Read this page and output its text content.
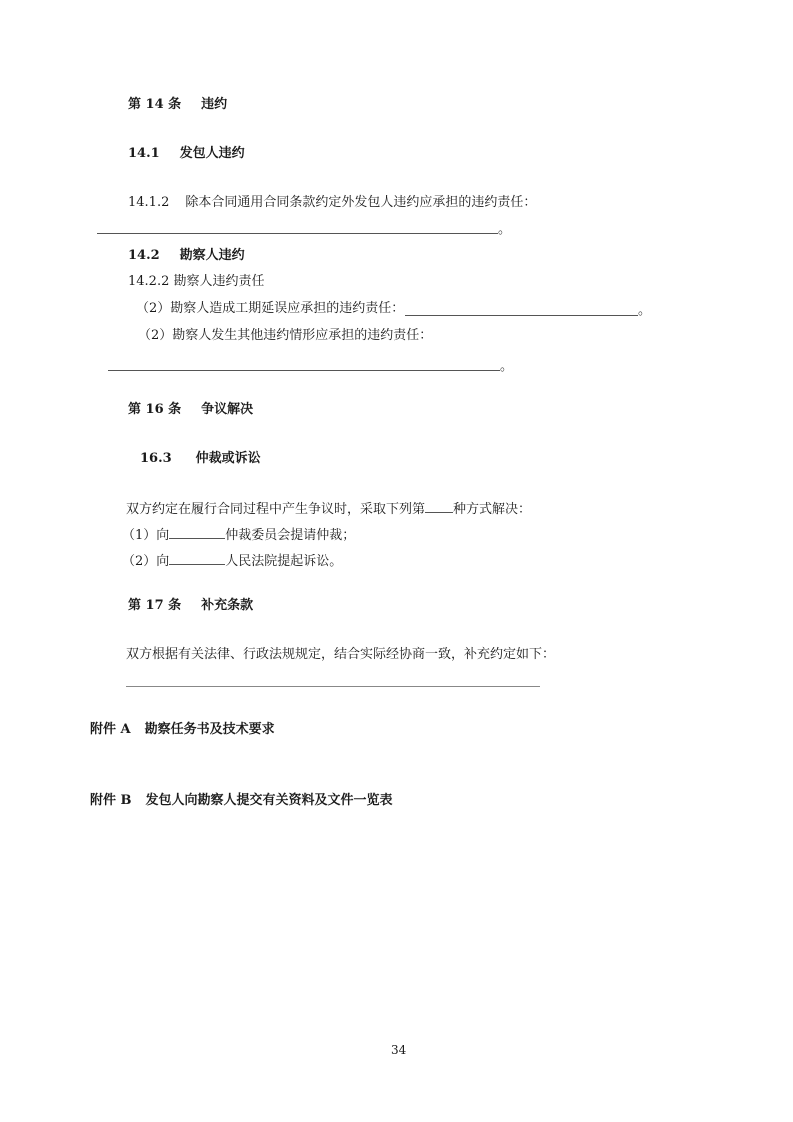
第 14 条 违约
14.1 发包人违约
14.1.2 除本合同通用合同条款约定外发包人违约应承担的违约责任：
。
14.2 勘察人违约
14.2.2 勘察人违约责任
（2）勘察人造成工期延误应承担的违约责任：	。
（2）勘察人发生其他违约情形应承担的违约责任：
。
第 16 条 争议解决
16.3 仲裁或诉讼
双方约定在履行合同过程中产生争议时，采取下列第 种方式解决：
（1）向	仲裁委员会提请仲裁；
（2）向	人民法院提起诉讼。
第 17 条 补充条款
双方根据有关法律、行政法规规定，结合实际经协商一致，补充约定如下：
附件 A 勘察任务书及技术要求
附件 B 发包人向勘察人提交有关资料及文件一览表
34
